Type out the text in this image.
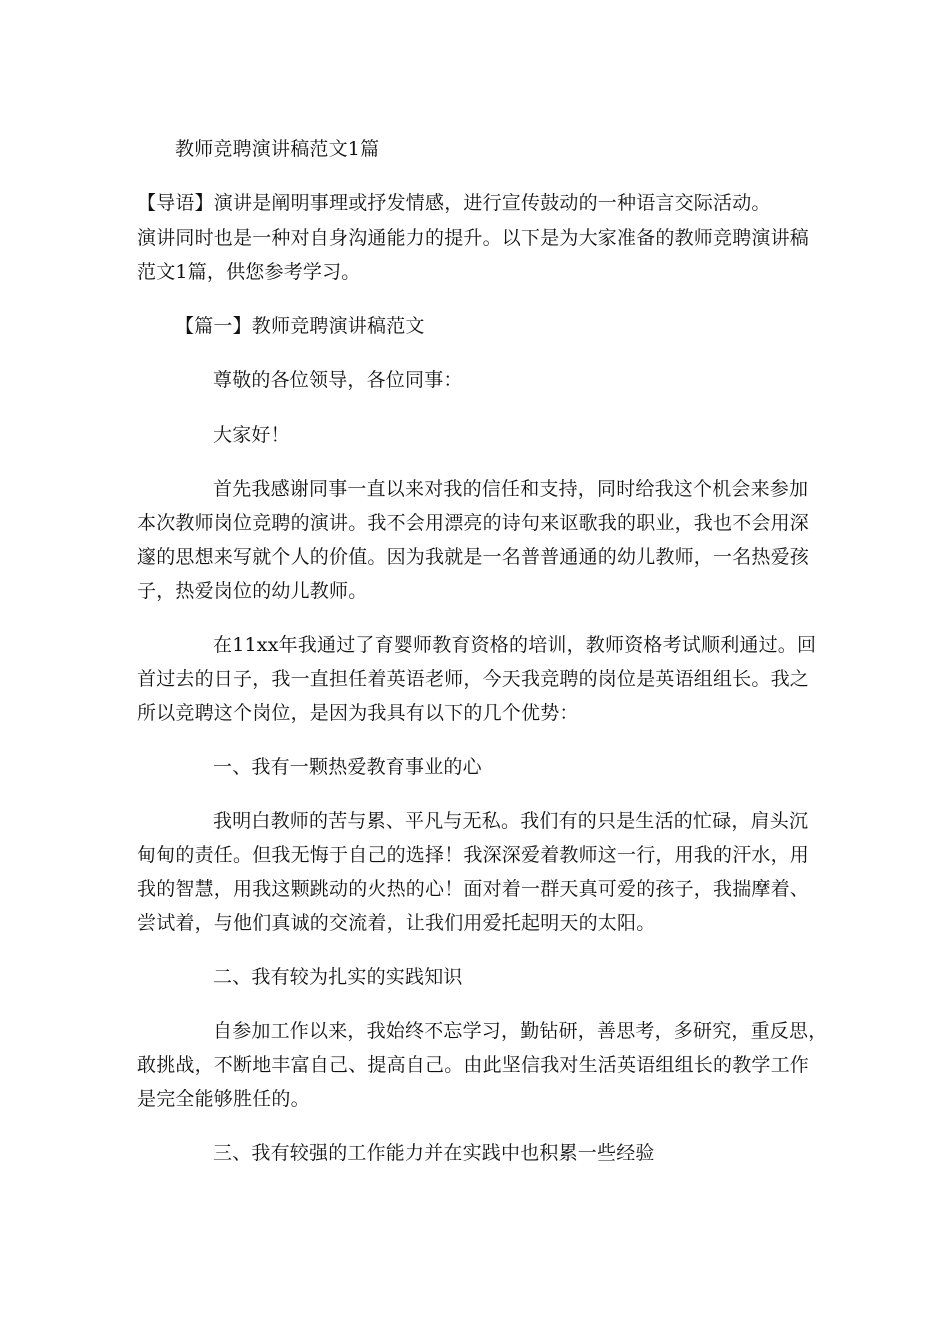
教师竞聘演讲稿范文1篇
【导语】演讲是阐明事理或抒发情感，进行宣传鼓动的一种语言交际活动。
演讲同时也是一种对自身沟通能力的提升。以下是为大家准备的教师竞聘演讲稿
范文1篇，供您参考学习。
【篇一】教师竞聘演讲稿范文
尊敬的各位领导，各位同事：
大家好！
首先我感谢同事一直以来对我的信任和支持，同时给我这个机会来参加
本次教师岗位竞聘的演讲。我不会用漂亮的诗句来讴歌我的职业，我也不会用深
邃的思想来写就个人的价值。因为我就是一名普普通通的幼儿教师，一名热爱孩
子，热爱岗位的幼儿教师。
在11xx年我通过了育婴师教育资格的培训，教师资格考试顺利通过。回
首过去的日子，我一直担任着英语老师，今天我竞聘的岗位是英语组组长。我之
所以竞聘这个岗位，是因为我具有以下的几个优势：
一、我有一颗热爱教育事业的心
我明白教师的苦与累、平凡与无私。我们有的只是生活的忙碌，肩头沉
甸甸的责任。但我无悔于自己的选择！我深深爱着教师这一行，用我的汗水，用
我的智慧，用我这颗跳动的火热的心！面对着一群天真可爱的孩子，我揣摩着、
尝试着，与他们真诚的交流着，让我们用爱托起明天的太阳。
二、我有较为扎实的实践知识
自参加工作以来，我始终不忘学习，勤钻研，善思考，多研究，重反思，
敢挑战，不断地丰富自己、提高自己。由此坚信我对生活英语组组长的教学工作
是完全能够胜任的。
三、我有较强的工作能力并在实践中也积累一些经验
